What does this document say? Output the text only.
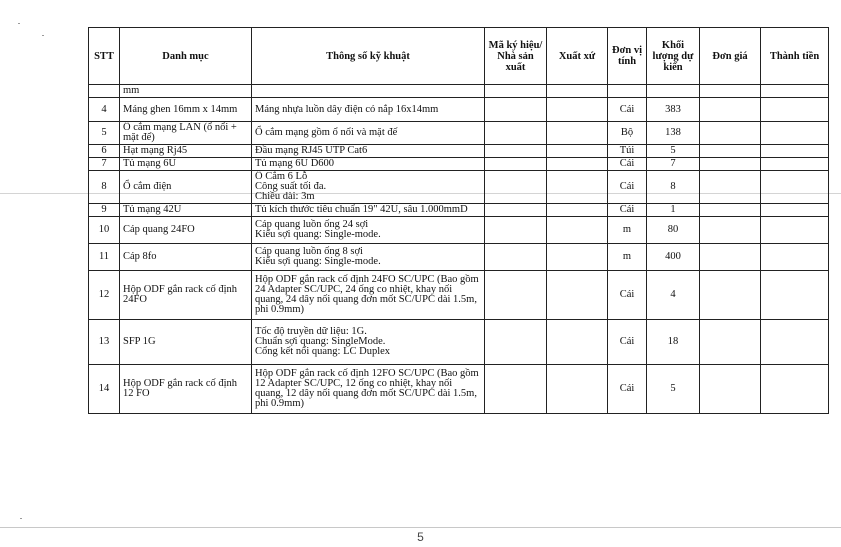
STT	Danh mục	Thông số kỹ khuật	Mã ký hiệu/ Nhà sản xuất	Xuất xứ	Đơn vị tính	Khối lượng dự kiến	Đơn giá	Thành tiền
	mm							
4	Máng ghen 16mm x 14mm	Máng nhựa luồn dây điện có nắp 16x14mm			Cái	383		
5	Ổ cắm mạng LAN (ổ nổi + mặt để)	Ổ cắm mạng gồm ổ nổi và mặt đế			Bộ	138		
6	Hạt mạng Rj45	Đầu mạng RJ45 UTP Cat6			Túi	5		
7	Tủ mạng 6U	Tủ mạng 6U D600			Cái	7		
8	Ổ cắm điện	Ổ Cắm 6 Lỗ
Công suất tối đa.
Chiều dài: 3m			Cái	8		
9	Tủ mạng 42U	Tủ kích thước tiêu chuẩn 19" 42U, sâu 1.000mmD			Cái	1		
10	Cáp quang 24FO	Cáp quang luồn ống 24 sợi
Kiểu sợi quang: Single-mode.			m	80		
11	Cáp 8fo	Cáp quang luồn ống 8 sợi
Kiểu sợi quang: Single-mode.			m	400		
12	Hộp ODF gắn rack cố định 24FO	Hộp ODF gắn rack cố định 24FO SC/UPC (Bao gồm 24 Adapter SC/UPC, 24 ống co nhiệt, khay nối quang, 24 dây nối quang đơn mốt SC/UPC dài 1.5m, phi 0.9mm)			Cái	4		
13	SFP 1G	Tốc độ truyền dữ liệu: 1G.
Chuẩn sợi quang: SingleMode.
Cổng kết nối quang: LC Duplex			Cái	18		
14	Hộp ODF gắn rack cố định 12 FO	Hộp ODF gắn rack cố định 12FO SC/UPC (Bao gồm 12 Adapter SC/UPC, 12 ống co nhiệt, khay nối quang, 12 dây nối quang đơn mốt SC/UPC dài 1.5m, phi 0.9mm)			Cái	5		
5
